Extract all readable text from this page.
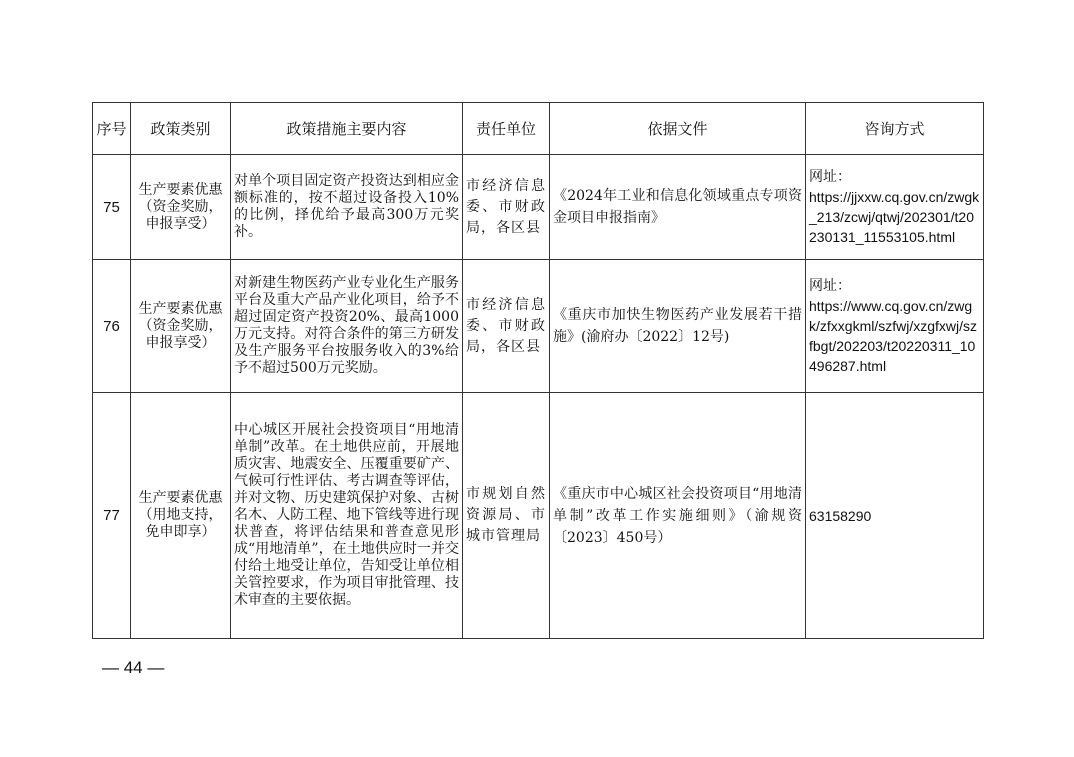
序号	政策类别	政策措施主要内容	责任单位	依据文件	咨询方式
75	生产要素优惠（资金奖励，申报享受）	对单个项目固定资产投资达到相应金额标准的，按不超过设备投入10%的比例，择优给予最高300万元奖补。	市经济信息委、市财政局，各区县	《2024年工业和信息化领域重点专项资金项目申报指南》	网址：
https://jjxxw.cq.gov.cn/zwgk_213/zcwj/qtwj/202301/t20230131_11553105.html

76	生产要素优惠（资金奖励，申报享受）	对新建生物医药产业专业化生产服务平台及重大产品产业化项目，给予不超过固定资产投资20%、最高1000万元支持。对符合条件的第三方研发及生产服务平台按服务收入的3%给予不超过500万元奖励。	市经济信息委、市财政局，各区县	《重庆市加快生物医药产业发展若干措施》(渝府办〔2022〕12号)	网址：
https://www.cq.gov.cn/zwgk/zfxxgkml/szfwj/xzgfxwj/szfbgt/202203/t20220311_10496287.html

77	生产要素优惠（用地支持，免申即享）	中心城区开展社会投资项目“用地清单制”改革。在土地供应前，开展地质灾害、地震安全、压覆重要矿产、气候可行性评估、考古调查等评估，并对文物、历史建筑保护对象、古树名木、人防工程、地下管线等进行现状普查，将评估结果和普查意见形成“用地清单”，在土地供应时一并交付给土地受让单位，告知受让单位相关管控要求，作为项目审批管理、技术审查的主要依据。	市规划自然资源局、市城市管理局	《重庆市中心城区社会投资项目“用地清单制”改革工作实施细则》（渝规资〔2023〕450号）	63158290
— 44 —
